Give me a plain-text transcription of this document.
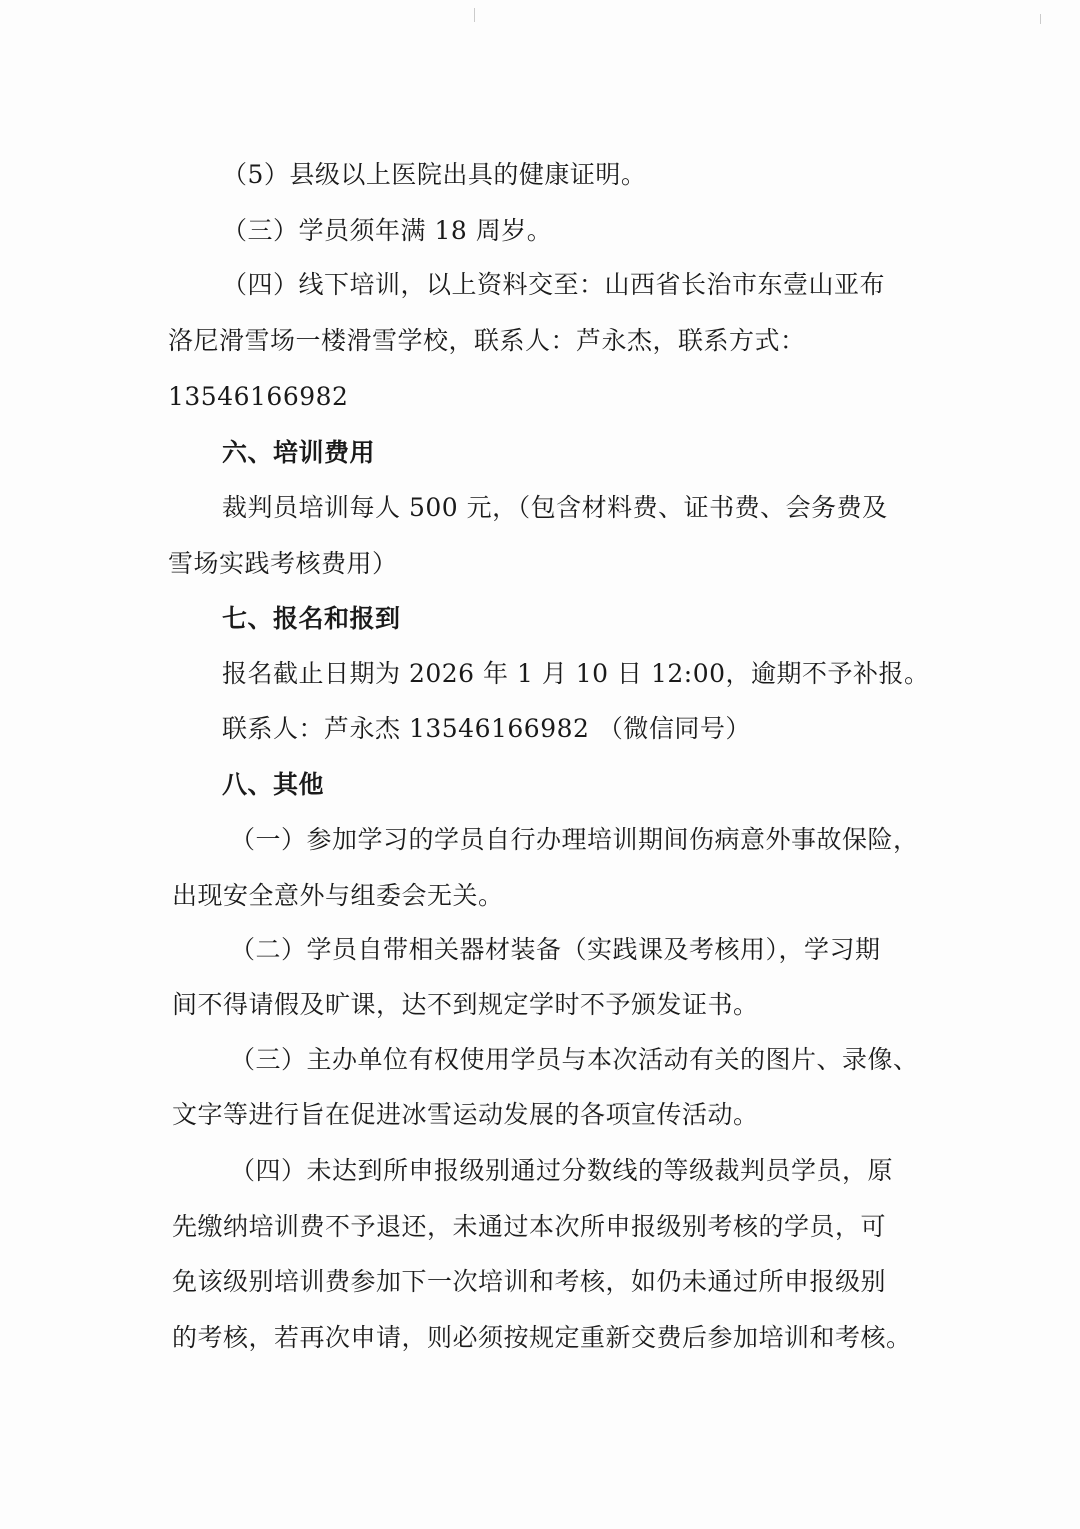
（5）县级以上医院出具的健康证明。
（三）学员须年满 18 周岁。
（四）线下培训，以上资料交至：山西省长治市东壹山亚布
洛尼滑雪场一楼滑雪学校，联系人：芦永杰，联系方式：
13546166982
六、培训费用
裁判员培训每人 500 元，（包含材料费、证书费、会务费及
雪场实践考核费用）
七、报名和报到
报名截止日期为 2026 年 1 月 10 日 12:00，逾期不予补报。
联系人：芦永杰 13546166982 （微信同号）
八、其他
（一）参加学习的学员自行办理培训期间伤病意外事故保险，
出现安全意外与组委会无关。
（二）学员自带相关器材装备（实践课及考核用），学习期
间不得请假及旷课，达不到规定学时不予颁发证书。
（三）主办单位有权使用学员与本次活动有关的图片、录像、
文字等进行旨在促进冰雪运动发展的各项宣传活动。
（四）未达到所申报级别通过分数线的等级裁判员学员，原
先缴纳培训费不予退还，未通过本次所申报级别考核的学员，可
免该级别培训费参加下一次培训和考核，如仍未通过所申报级别
的考核，若再次申请，则必须按规定重新交费后参加培训和考核。
